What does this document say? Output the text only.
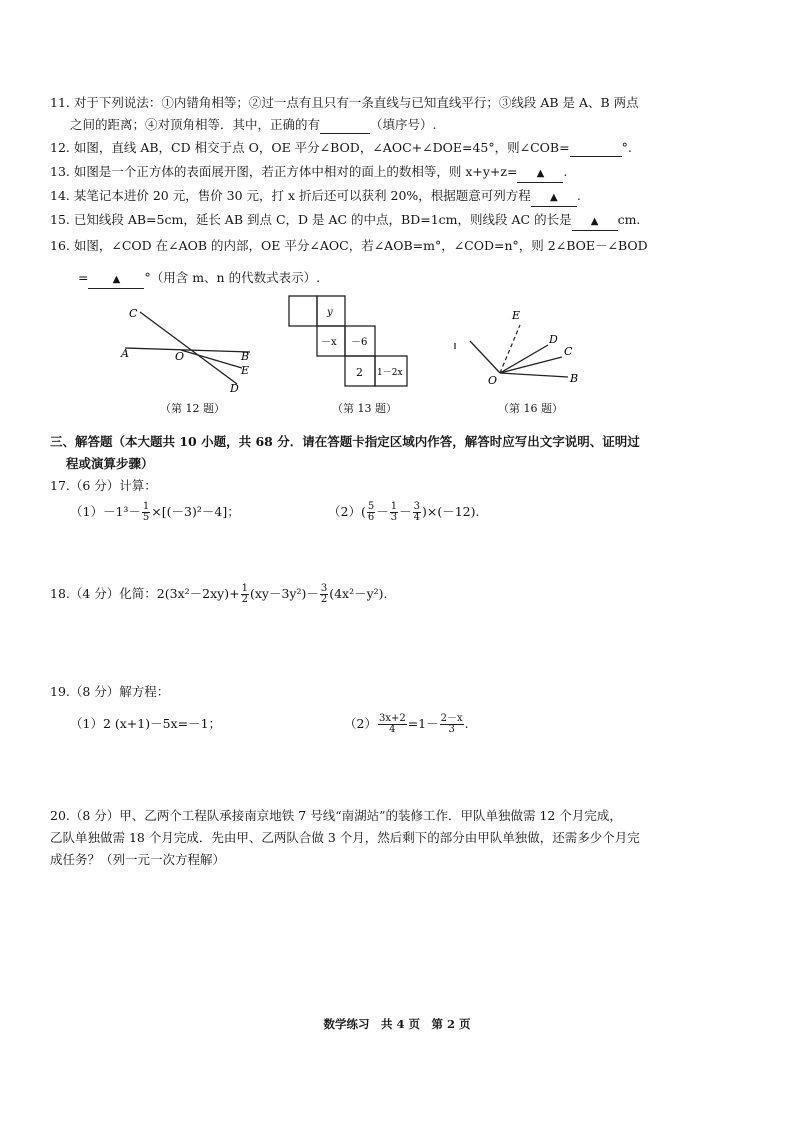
11. 对于下列说法：①内错角相等；②过一点有且只有一条直线与已知直线平行；③线段 AB 是 A、B 两点
之间的距离；④对顶角相等．其中，正确的有	（填序号）.
12. 如图，直线 AB，CD 相交于点 O，OE 平分∠BOD，∠AOC+∠DOE=45°，则∠COB=	°.
13. 如图是一个正方体的表面展开图，若正方体中相对的面上的数相等，则 x+y+z= ▲ .
14. 某笔记本进价 20 元，售价 30 元，打 x 折后还可以获利 20%，根据题意可列方程 ▲ .
15. 已知线段 AB=5cm，延长 AB 到点 C，D 是 AC 的中点，BD=1cm，则线段 AC 的长是 ▲ cm.
16. 如图，∠COD 在∠AOB 的内部，OE 平分∠AOC，若∠AOB=m°，∠COD=n°，则 2∠BOE－∠BOD
= ▲ °（用含 m、n 的代数式表示）.
C
A	O	B
E
D
（第 12 题）
y
－x －6
2 1－2x
（第 13 题）
E
D
C
B
O
（第 16 题）
三、解答题（本大题共 10 小题，共 68 分．请在答题卡指定区域内作答，解答时应写出文字说明、证明过
程或演算步骤）
17.（6 分）计算：
$(1)-1^3- \frac{1}{5} \times[(-3)^2-4]$；	$(2)( \frac{5}{6} - \frac{1}{3} - \frac{3}{4} )\times(-12)$.
18.（4 分）化简：$2(3x^2-2xy)+ \frac{1}{2} (xy-3y^2)- \frac{3}{2} (4x^2-y^2)$.
19.（8 分）解方程：
（1）2 (x+1)－5x=－1；	$(2) \frac{3x+2}{4} =1- \frac{2-x}{3}$ .
20.（8 分）甲、乙两个工程队承接南京地铁 7 号线“南湖站”的装修工作．甲队单独做需 12 个月完成，
乙队单独做需 18 个月完成．先由甲、乙两队合做 3 个月，然后剩下的部分由甲队单独做，还需多少个月完
成任务？（列一元一次方程解）
数学练习　共 4 页　第 2 页
